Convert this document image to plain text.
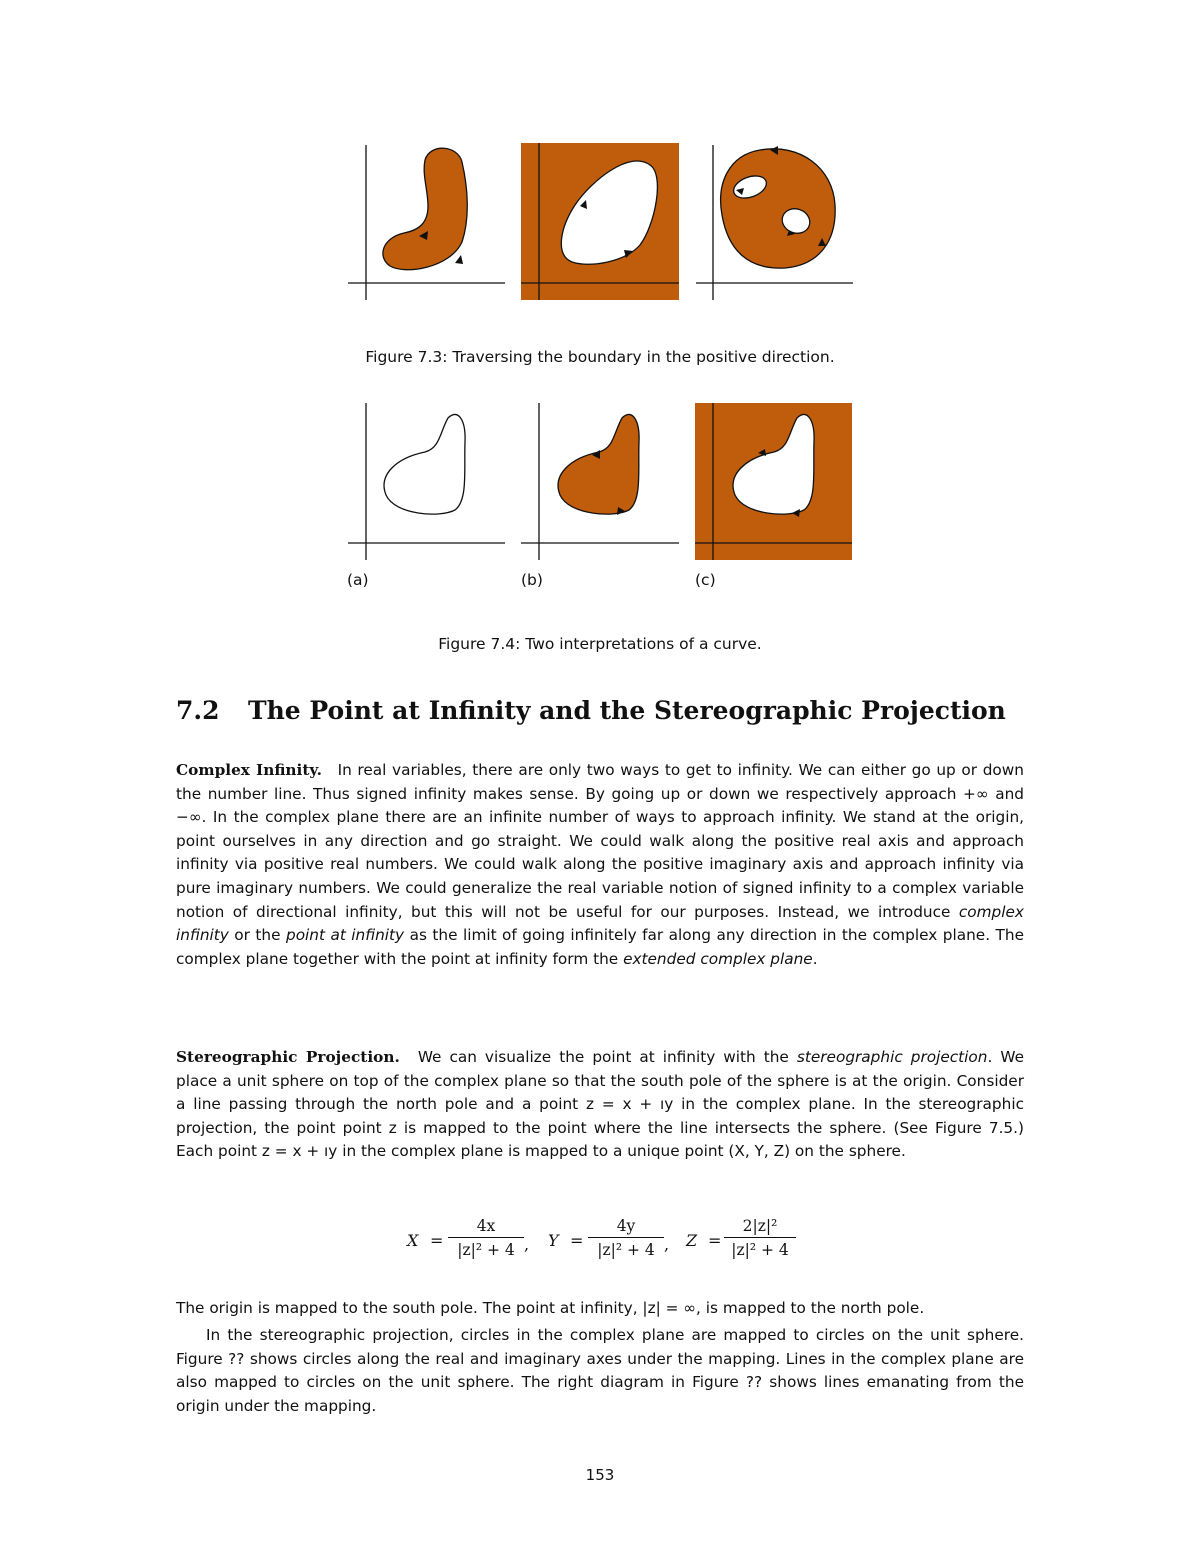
Figure 7.3: Traversing the boundary in the positive direction.
(a)	(b)	(c)
Figure 7.4: Two interpretations of a curve.
7.2 The Point at Infinity and the Stereographic Projection
Complex Infinity. In real variables, there are only two ways to get to infinity. We can either go up or down the number line. Thus signed infinity makes sense. By going up or down we respectively approach +∞ and −∞. In the complex plane there are an infinite number of ways to approach infinity. We stand at the origin, point ourselves in any direction and go straight. We could walk along the positive real axis and approach infinity via positive real numbers. We could walk along the positive imaginary axis and approach infinity via pure imaginary numbers. We could generalize the real variable notion of signed infinity to a complex variable notion of directional infinity, but this will not be useful for our purposes. Instead, we introduce complex infinity or the point at infinity as the limit of going infinitely far along any direction in the complex plane. The complex plane together with the point at infinity form the extended complex plane.
Stereographic Projection. We can visualize the point at infinity with the stereographic projection. We place a unit sphere on top of the complex plane so that the south pole of the sphere is at the origin. Consider a line passing through the north pole and a point z = x + ıy in the complex plane. In the stereographic projection, the point point z is mapped to the point where the line intersects the sphere. (See Figure 7.5.) Each point z = x + ıy in the complex plane is mapped to a unique point (X, Y, Z) on the sphere.
X =
4x
|z|² + 4 , Y =
4y
|z|² + 4 , Z =
2|z|²
|z|² + 4
The origin is mapped to the south pole. The point at infinity, |z| = ∞, is mapped to the north pole.
In the stereographic projection, circles in the complex plane are mapped to circles on the unit sphere. Figure ?? shows circles along the real and imaginary axes under the mapping. Lines in the complex plane are also mapped to circles on the unit sphere. The right diagram in Figure ?? shows lines emanating from the origin under the mapping.
153
